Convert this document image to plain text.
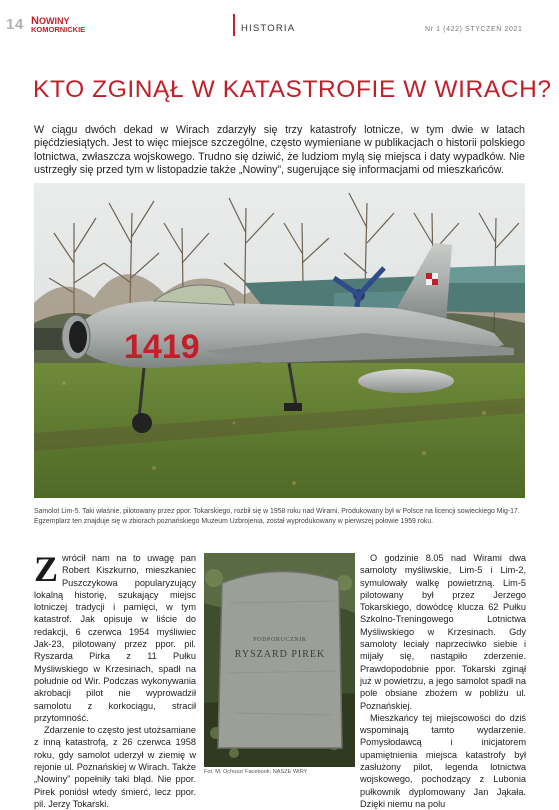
14 NOWINY
KOMORNICKIE	HISTORIA	Nr 1 (422) STYCZEŃ 2021
KTO ZGINĄŁ W KATASTROFIE W WIRACH?
W ciągu dwóch dekad w Wirach zdarzyły się trzy katastrofy lotnicze, w tym dwie w latach pięćdziesiątych. Jest to więc miejsce szczególne, często wymieniane w publikacjach o historii polskiego lotnictwa, zwłaszcza wojskowego. Trudno się dziwić, że ludziom mylą się miejsca i daty wypadków. Nie ustrzegły się przed tym w listopadzie także „Nowiny”, sugerujące się informacjami od mieszkańców.
1419
Samolot Lim-5. Taki właśnie, pilotowany przez ppor. Tokarskiego, rozbił się w 1958 roku nad Wirami. Produkowany był w Polsce na licencji sowieckiego Mig-17. Egzemplarz ten znajduje się w zbiorach poznańskiego Muzeum Uzbrojenia, został wyprodukowany w pierwszej połowie 1959 roku.
Z wrócił nam na to uwagę pan Robert Kiszkurno, mieszkaniec Puszczykowa popularyzujący lokalną historię, szukający miejsc lotniczej tradycji i pamięci, w tym katastrof. Jak opisuje w liście do redakcji, 6 czerwca 1954 myśliwiec Jak-23, pilotowany przez ppor. pil. Ryszarda Pirka z 11 Pułku Myśliwskiego w Krzesinach, spadł na południe od Wir. Podczas wykonywania akrobacji pilot nie wyprowadził samolotu z korkociągu, stracił przytomność.

Zdarzenie to często jest utożsamiane z inną katastrofą, z 26 czerwca 1958 roku, gdy samolot uderzył w ziemię w rejonie ul. Poznańskiej w Wirach. Także „Nowiny” popełniły taki błąd. Nie ppor. Pirek poniósł wtedy śmierć, lecz ppor. pil. Jerzy Tokarski.

PODPORUCZNIK
RYSZARD PIREK
Fot. M. Ochosz/ Facebook: NASZE WIRY

O godzinie 8.05 nad Wirami dwa samoloty myśliwskie, Lim-5 i Lim-2, symulowały walkę powietrzną. Lim-5 pilotowany był przez Jerzego Tokarskiego, dowódcę klucza 62 Pułku Szkolno-Treningowego Lotnictwa Myśliwskiego w Krzesinach. Gdy samoloty leciały naprzeciwko siebie i mijały się, nastąpiło zderzenie. Prawdopodobnie ppor. Tokarski zginął już w powietrzu, a jego samolot spadł na pole obsiane zbożem w pobliżu ul. Poznańskiej.

Mieszkańcy tej miejscowości do dziś wspominają tamto wydarzenie. Pomysłodawcą i inicjatorem upamiętnienia miejsca katastrofy był zasłużony pilot, legenda lotnictwa wojskowego, pochodzący z Lubonia pułkownik dyplomowany Jan Jąkała. Dzięki niemu na polu
